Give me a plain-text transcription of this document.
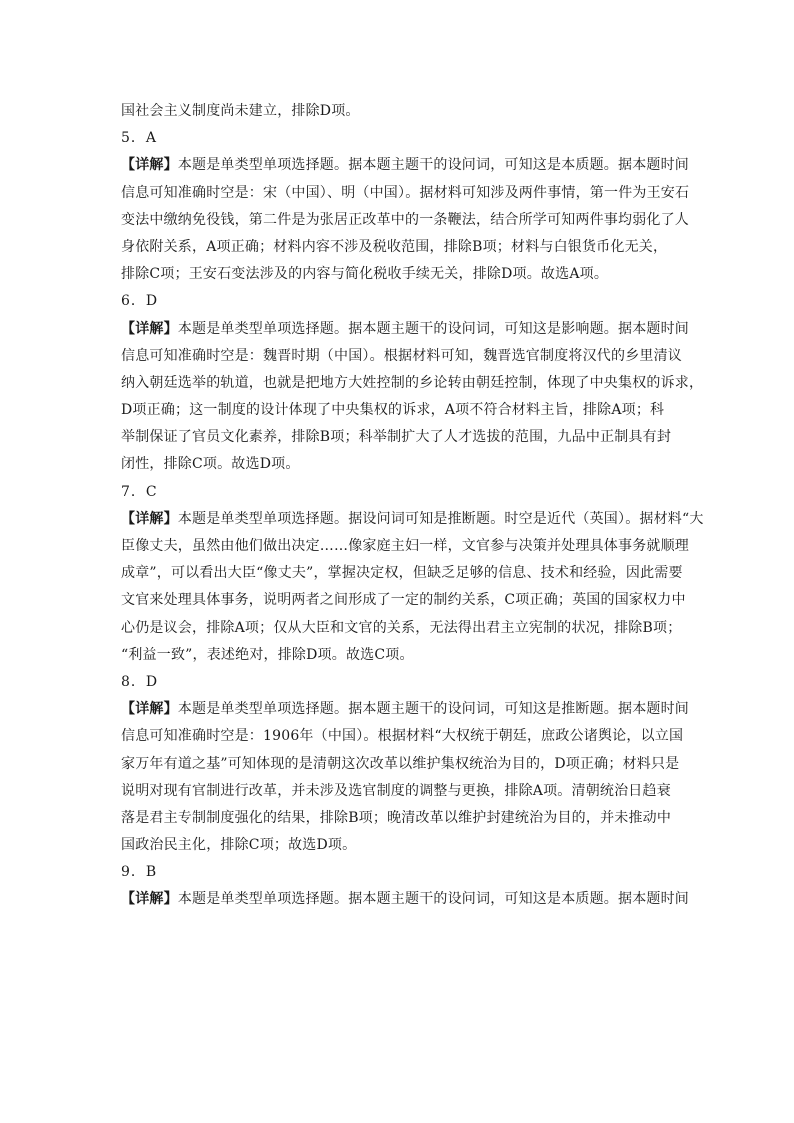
国社会主义制度尚未建立，排除D项。
5．A
【详解】本题是单类型单项选择题。据本题主题干的设问词，可知这是本质题。据本题时间
信息可知准确时空是：宋（中国）、明（中国）。据材料可知涉及两件事情，第一件为王安石
变法中缴纳免役钱，第二件是为张居正改革中的一条鞭法，结合所学可知两件事均弱化了人
身依附关系，A项正确；材料内容不涉及税收范围，排除B项；材料与白银货币化无关，
排除C项；王安石变法涉及的内容与简化税收手续无关，排除D项。故选A项。
6．D
【详解】本题是单类型单项选择题。据本题主题干的设问词，可知这是影响题。据本题时间
信息可知准确时空是：魏晋时期（中国）。根据材料可知，魏晋选官制度将汉代的乡里清议
纳入朝廷选举的轨道，也就是把地方大姓控制的乡论转由朝廷控制，体现了中央集权的诉求，
D项正确；这一制度的设计体现了中央集权的诉求，A项不符合材料主旨，排除A项；科
举制保证了官员文化素养，排除B项；科举制扩大了人才选拔的范围，九品中正制具有封
闭性，排除C项。故选D项。
7．C
【详解】本题是单类型单项选择题。据设问词可知是推断题。时空是近代（英国）。据材料“大
臣像丈夫，虽然由他们做出决定……像家庭主妇一样，文官参与决策并处理具体事务就顺理
成章”，可以看出大臣“像丈夫”，掌握决定权，但缺乏足够的信息、技术和经验，因此需要
文官来处理具体事务，说明两者之间形成了一定的制约关系，C项正确；英国的国家权力中
心仍是议会，排除A项；仅从大臣和文官的关系，无法得出君主立宪制的状况，排除B项；
“利益一致”，表述绝对，排除D项。故选C项。
8．D
【详解】本题是单类型单项选择题。据本题主题干的设问词，可知这是推断题。据本题时间
信息可知准确时空是：1906年（中国）。根据材料“大权统于朝廷，庶政公诸舆论，以立国
家万年有道之基”可知体现的是清朝这次改革以维护集权统治为目的，D项正确；材料只是
说明对现有官制进行改革，并未涉及选官制度的调整与更换，排除A项。清朝统治日趋衰
落是君主专制制度强化的结果，排除B项；晚清改革以维护封建统治为目的，并未推动中
国政治民主化，排除C项；故选D项。
9．B
【详解】本题是单类型单项选择题。据本题主题干的设问词，可知这是本质题。据本题时间
